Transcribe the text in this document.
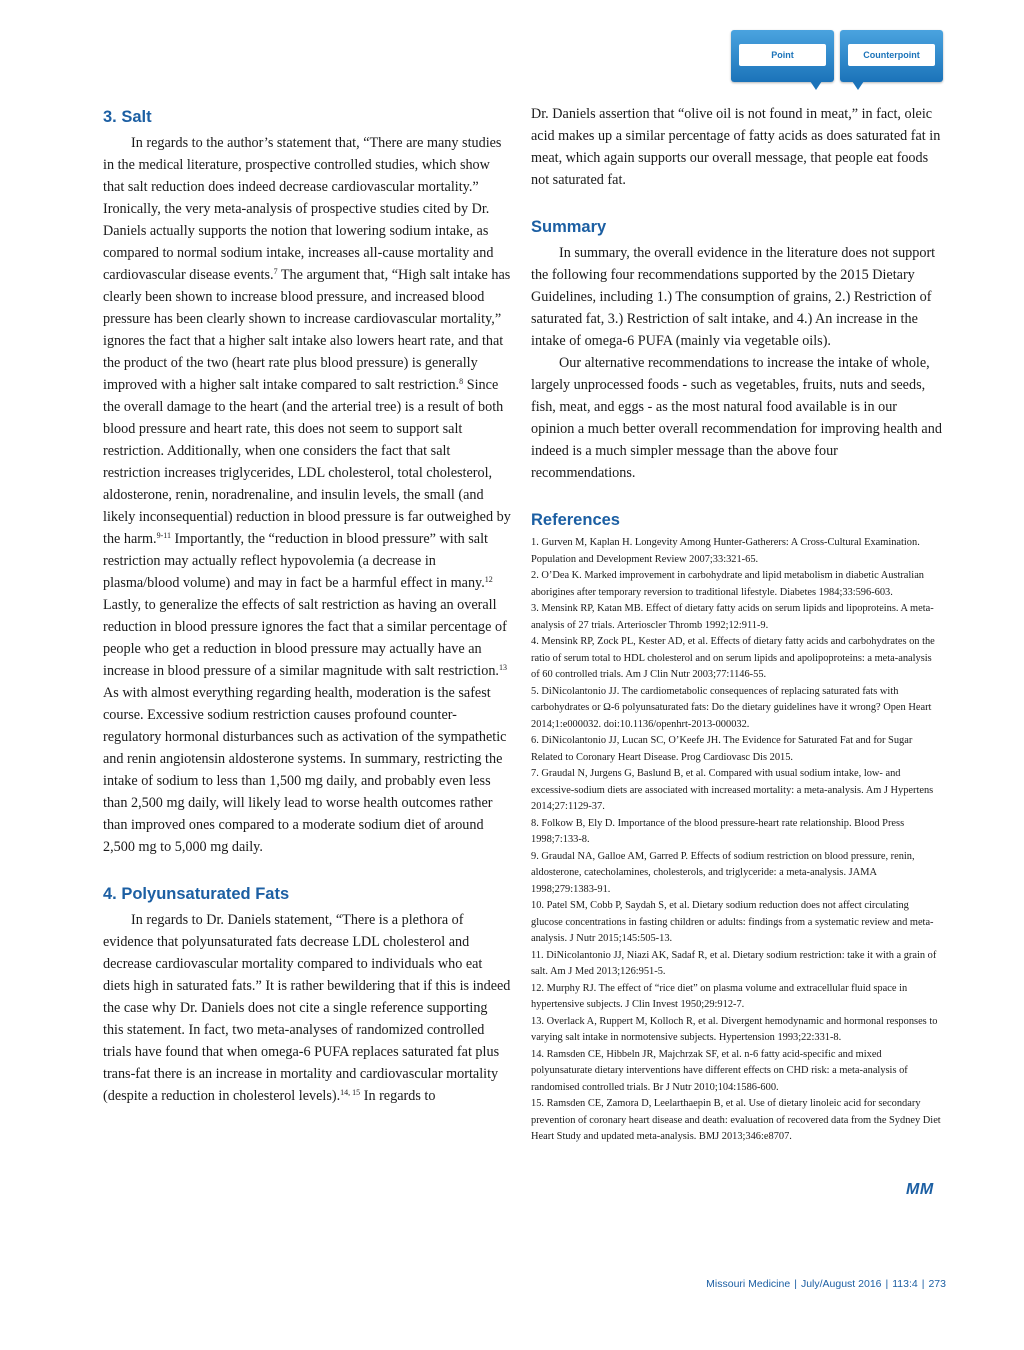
Point	Counterpoint
3. Salt

In regards to the author’s statement that, “There are many studies in the medical literature, prospective controlled studies, which show that salt reduction does indeed decrease cardiovascular mortality.” Ironically, the very meta-analysis of prospective studies cited by Dr. Daniels actually supports the notion that lowering sodium intake, as compared to normal sodium intake, increases all-cause mortality and cardiovascular disease events.$^7$ The argument that, “High salt intake has clearly been shown to increase blood pressure, and increased blood pressure has been clearly shown to increase cardiovascular mortality,” ignores the fact that a higher salt intake also lowers heart rate, and that the product of the two (heart rate plus blood pressure) is generally improved with a higher salt intake compared to salt restriction.$^8$ Since the overall damage to the heart (and the arterial tree) is a result of both blood pressure and heart rate, this does not seem to support salt restriction. Additionally, when one considers the fact that salt restriction increases triglycerides, LDL cholesterol, total cholesterol, aldosterone, renin, noradrenaline, and insulin levels, the small (and likely inconsequential) reduction in blood pressure is far outweighed by the harm.$^{9-11}$ Importantly, the “reduction in blood pressure” with salt restriction may actually reflect hypovolemia (a decrease in plasma/blood volume) and may in fact be a harmful effect in many.$^{12}$ Lastly, to generalize the effects of salt restriction as having an overall reduction in blood pressure ignores the fact that a similar percentage of people who get a reduction in blood pressure may actually have an increase in blood pressure of a similar magnitude with salt restriction.$^{13}$ As with almost everything regarding health, moderation is the safest course. Excessive sodium restriction causes profound counter-regulatory hormonal disturbances such as activation of the sympathetic and renin angiotensin aldosterone systems. In summary, restricting the intake of sodium to less than 1,500 mg daily, and probably even less than 2,500 mg daily, will likely lead to worse health outcomes rather than improved ones compared to a moderate sodium diet of around 2,500 mg to 5,000 mg daily.

4. Polyunsaturated Fats

In regards to Dr. Daniels statement, “There is a plethora of evidence that polyunsaturated fats decrease LDL cholesterol and decrease cardiovascular mortality compared to individuals who eat diets high in saturated fats.” It is rather bewildering that if this is indeed the case why Dr. Daniels does not cite a single reference supporting this statement. In fact, two meta-analyses of randomized controlled trials have found that when omega-6 PUFA replaces saturated fat plus trans-fat there is an increase in mortality and cardiovascular mortality (despite a reduction in cholesterol levels).$^{14, 15}$ In regards to

Dr. Daniels assertion that “olive oil is not found in meat,” in fact, oleic acid makes up a similar percentage of fatty acids as does saturated fat in meat, which again supports our overall message, that people eat foods not saturated fat.

Summary

In summary, the overall evidence in the literature does not support the following four recommendations supported by the 2015 Dietary Guidelines, including 1.) The consumption of grains, 2.) Restriction of saturated fat, 3.) Restriction of salt intake, and 4.) An increase in the intake of omega-6 PUFA (mainly via vegetable oils).

Our alternative recommendations to increase the intake of whole, largely unprocessed foods - such as vegetables, fruits, nuts and seeds, fish, meat, and eggs - as the most natural food available is in our opinion a much better overall recommendation for improving health and indeed is a much simpler message than the above four recommendations.

References
1. Gurven M, Kaplan H. Longevity Among Hunter-Gatherers: A Cross-Cultural Examination. Population and Development Review 2007;33:321-65.
2. O’Dea K. Marked improvement in carbohydrate and lipid metabolism in diabetic Australian aborigines after temporary reversion to traditional lifestyle. Diabetes 1984;33:596-603.
3. Mensink RP, Katan MB. Effect of dietary fatty acids on serum lipids and lipoproteins. A meta-analysis of 27 trials. Arterioscler Thromb 1992;12:911-9.
4. Mensink RP, Zock PL, Kester AD, et al. Effects of dietary fatty acids and carbohydrates on the ratio of serum total to HDL cholesterol and on serum lipids and apolipoproteins: a meta-analysis of 60 controlled trials. Am J Clin Nutr 2003;77:1146-55.
5. DiNicolantonio JJ. The cardiometabolic consequences of replacing saturated fats with carbohydrates or Ω-6 polyunsaturated fats: Do the dietary guidelines have it wrong? Open Heart 2014;1:e000032. doi:10.1136/openhrt-2013-000032.
6. DiNicolantonio JJ, Lucan SC, O’Keefe JH. The Evidence for Saturated Fat and for Sugar Related to Coronary Heart Disease. Prog Cardiovasc Dis 2015.
7. Graudal N, Jurgens G, Baslund B, et al. Compared with usual sodium intake, low- and excessive-sodium diets are associated with increased mortality: a meta-analysis. Am J Hypertens 2014;27:1129-37.
8. Folkow B, Ely D. Importance of the blood pressure-heart rate relationship. Blood Press 1998;7:133-8.
9. Graudal NA, Galloe AM, Garred P. Effects of sodium restriction on blood pressure, renin, aldosterone, catecholamines, cholesterols, and triglyceride: a meta-analysis. JAMA 1998;279:1383-91.
10. Patel SM, Cobb P, Saydah S, et al. Dietary sodium reduction does not affect circulating glucose concentrations in fasting children or adults: findings from a systematic review and meta-analysis. J Nutr 2015;145:505-13.
11. DiNicolantonio JJ, Niazi AK, Sadaf R, et al. Dietary sodium restriction: take it with a grain of salt. Am J Med 2013;126:951-5.
12. Murphy RJ. The effect of “rice diet” on plasma volume and extracellular fluid space in hypertensive subjects. J Clin Invest 1950;29:912-7.
13. Overlack A, Ruppert M, Kolloch R, et al. Divergent hemodynamic and hormonal responses to varying salt intake in normotensive subjects. Hypertension 1993;22:331-8.
14. Ramsden CE, Hibbeln JR, Majchrzak SF, et al. n-6 fatty acid-specific and mixed polyunsaturate dietary interventions have different effects on CHD risk: a meta-analysis of randomised controlled trials. Br J Nutr 2010;104:1586-600.
15. Ramsden CE, Zamora D, Leelarthaepin B, et al. Use of dietary linoleic acid for secondary prevention of coronary heart disease and death: evaluation of recovered data from the Sydney Diet Heart Study and updated meta-analysis. BMJ 2013;346:e8707.
MM
Missouri Medicine | July/August 2016 | 113:4 | 273
